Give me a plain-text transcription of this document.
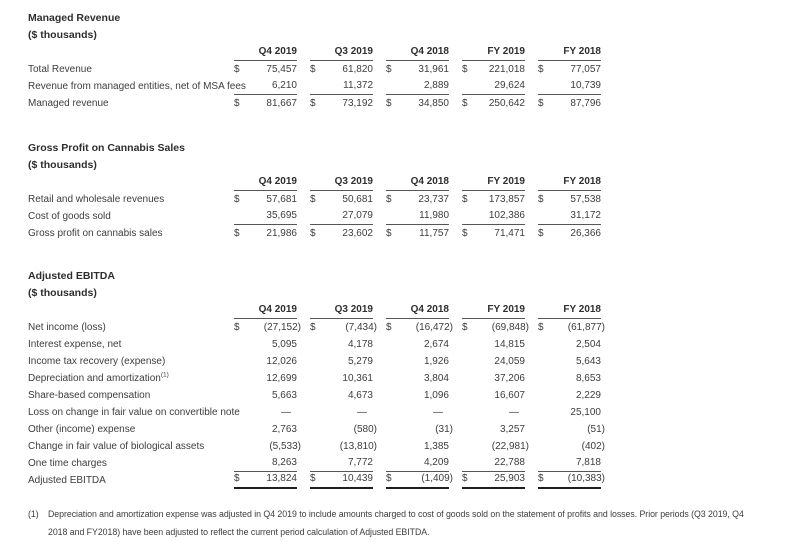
Managed Revenue
($ thousands)
Q4 2019	Q3 2019	Q4 2018	FY 2019	FY 2018
Total Revenue	$	75,457 $	61,820 $	31,961 $	221,018 $	77,057
Revenue from managed entities, net of MSA fees	6,210	11,372	2,889	29,624	10,739
Managed revenue	$	81,667 $	73,192 $	34,850 $	250,642 $	87,796
Gross Profit on Cannabis Sales
($ thousands)
Q4 2019	Q3 2019	Q4 2018	FY 2019	FY 2018
Retail and wholesale revenues	$	57,681 $	50,681 $	23,737 $	173,857 $	57,538
Cost of goods sold	35,695	27,079	11,980	102,386	31,172
Gross profit on cannabis sales	$	21,986 $	23,602 $	11,757 $	71,471 $	26,366
Adjusted EBITDA
($ thousands)
Q4 2019	Q3 2019	Q4 2018	FY 2019	FY 2018
Net income (loss)	$	(27,152) $	(7,434) $	(16,472) $	(69,848) $	(61,877)
Interest expense, net	5,095	4,178	2,674	14,815	2,504
Income tax recovery (expense)	12,026	5,279	1,926	24,059	5,643
Depreciation and amortization$^{(1)}$	12,699	10,361	3,804	37,206	8,653
Share-based compensation	5,663	4,673	1,096	16,607	2,229
Loss on change in fair value on convertible note	—	—	—	—	25,100
Other (income) expense	2,763	(580)	(31)	3,257	(51)
Change in fair value of biological assets	(5,533)	(13,810)	1,385	(22,981)	(402)
One time charges	8,263	7,772	4,209	22,788	7,818
Adjusted EBITDA	$	13,824 $	10,439 $	(1,409) $	25,903 $	(10,383)
(1)	Depreciation and amortization expense was adjusted in Q4 2019 to include amounts charged to cost of goods sold on the statement of profits and losses. Prior periods (Q3 2019, Q4 2018 and FY2018) have been adjusted to reflect the current period calculation of Adjusted EBITDA.
